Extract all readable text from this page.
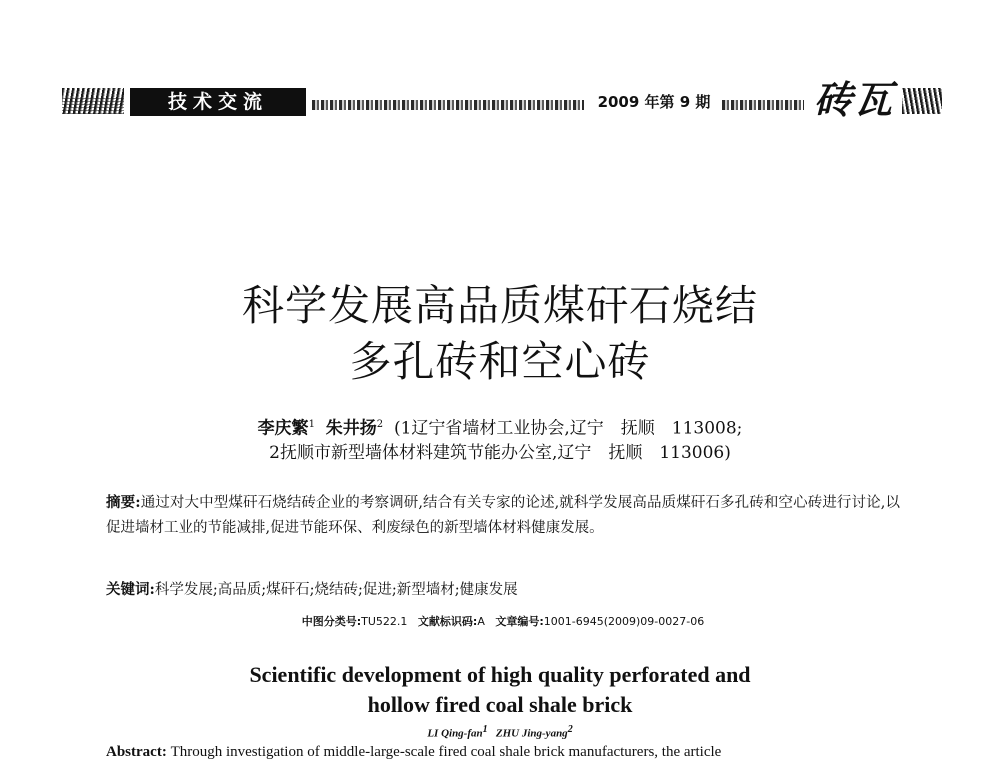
技术交流	2009 年第 9 期	砖瓦
科学发展高品质煤矸石烧结
多孔砖和空心砖
李庆繁$^1$ 朱井扬$^2$ (1辽宁省墙材工业协会,辽宁　抚顺　113008;
2抚顺市新型墙体材料建筑节能办公室,辽宁　抚顺　113006)
摘要:通过对大中型煤矸石烧结砖企业的考察调研,结合有关专家的论述,就科学发展高品质煤矸石多孔砖和空心砖进行讨论,以促进墙材工业的节能减排,促进节能环保、利废绿色的新型墙体材料健康发展。
关键词:科学发展;高品质;煤矸石;烧结砖;促进;新型墙材;健康发展
中图分类号:TU522.1 文献标识码:A 文章编号:1001-6945(2009)09-0027-06
Scientific development of high quality perforated and
hollow fired coal shale brick
LI Qing-fan$^1$ ZHU Jing-yang$^2$
Abstract: Through investigation of middle-large-scale fired coal shale brick manufacturers, the article
